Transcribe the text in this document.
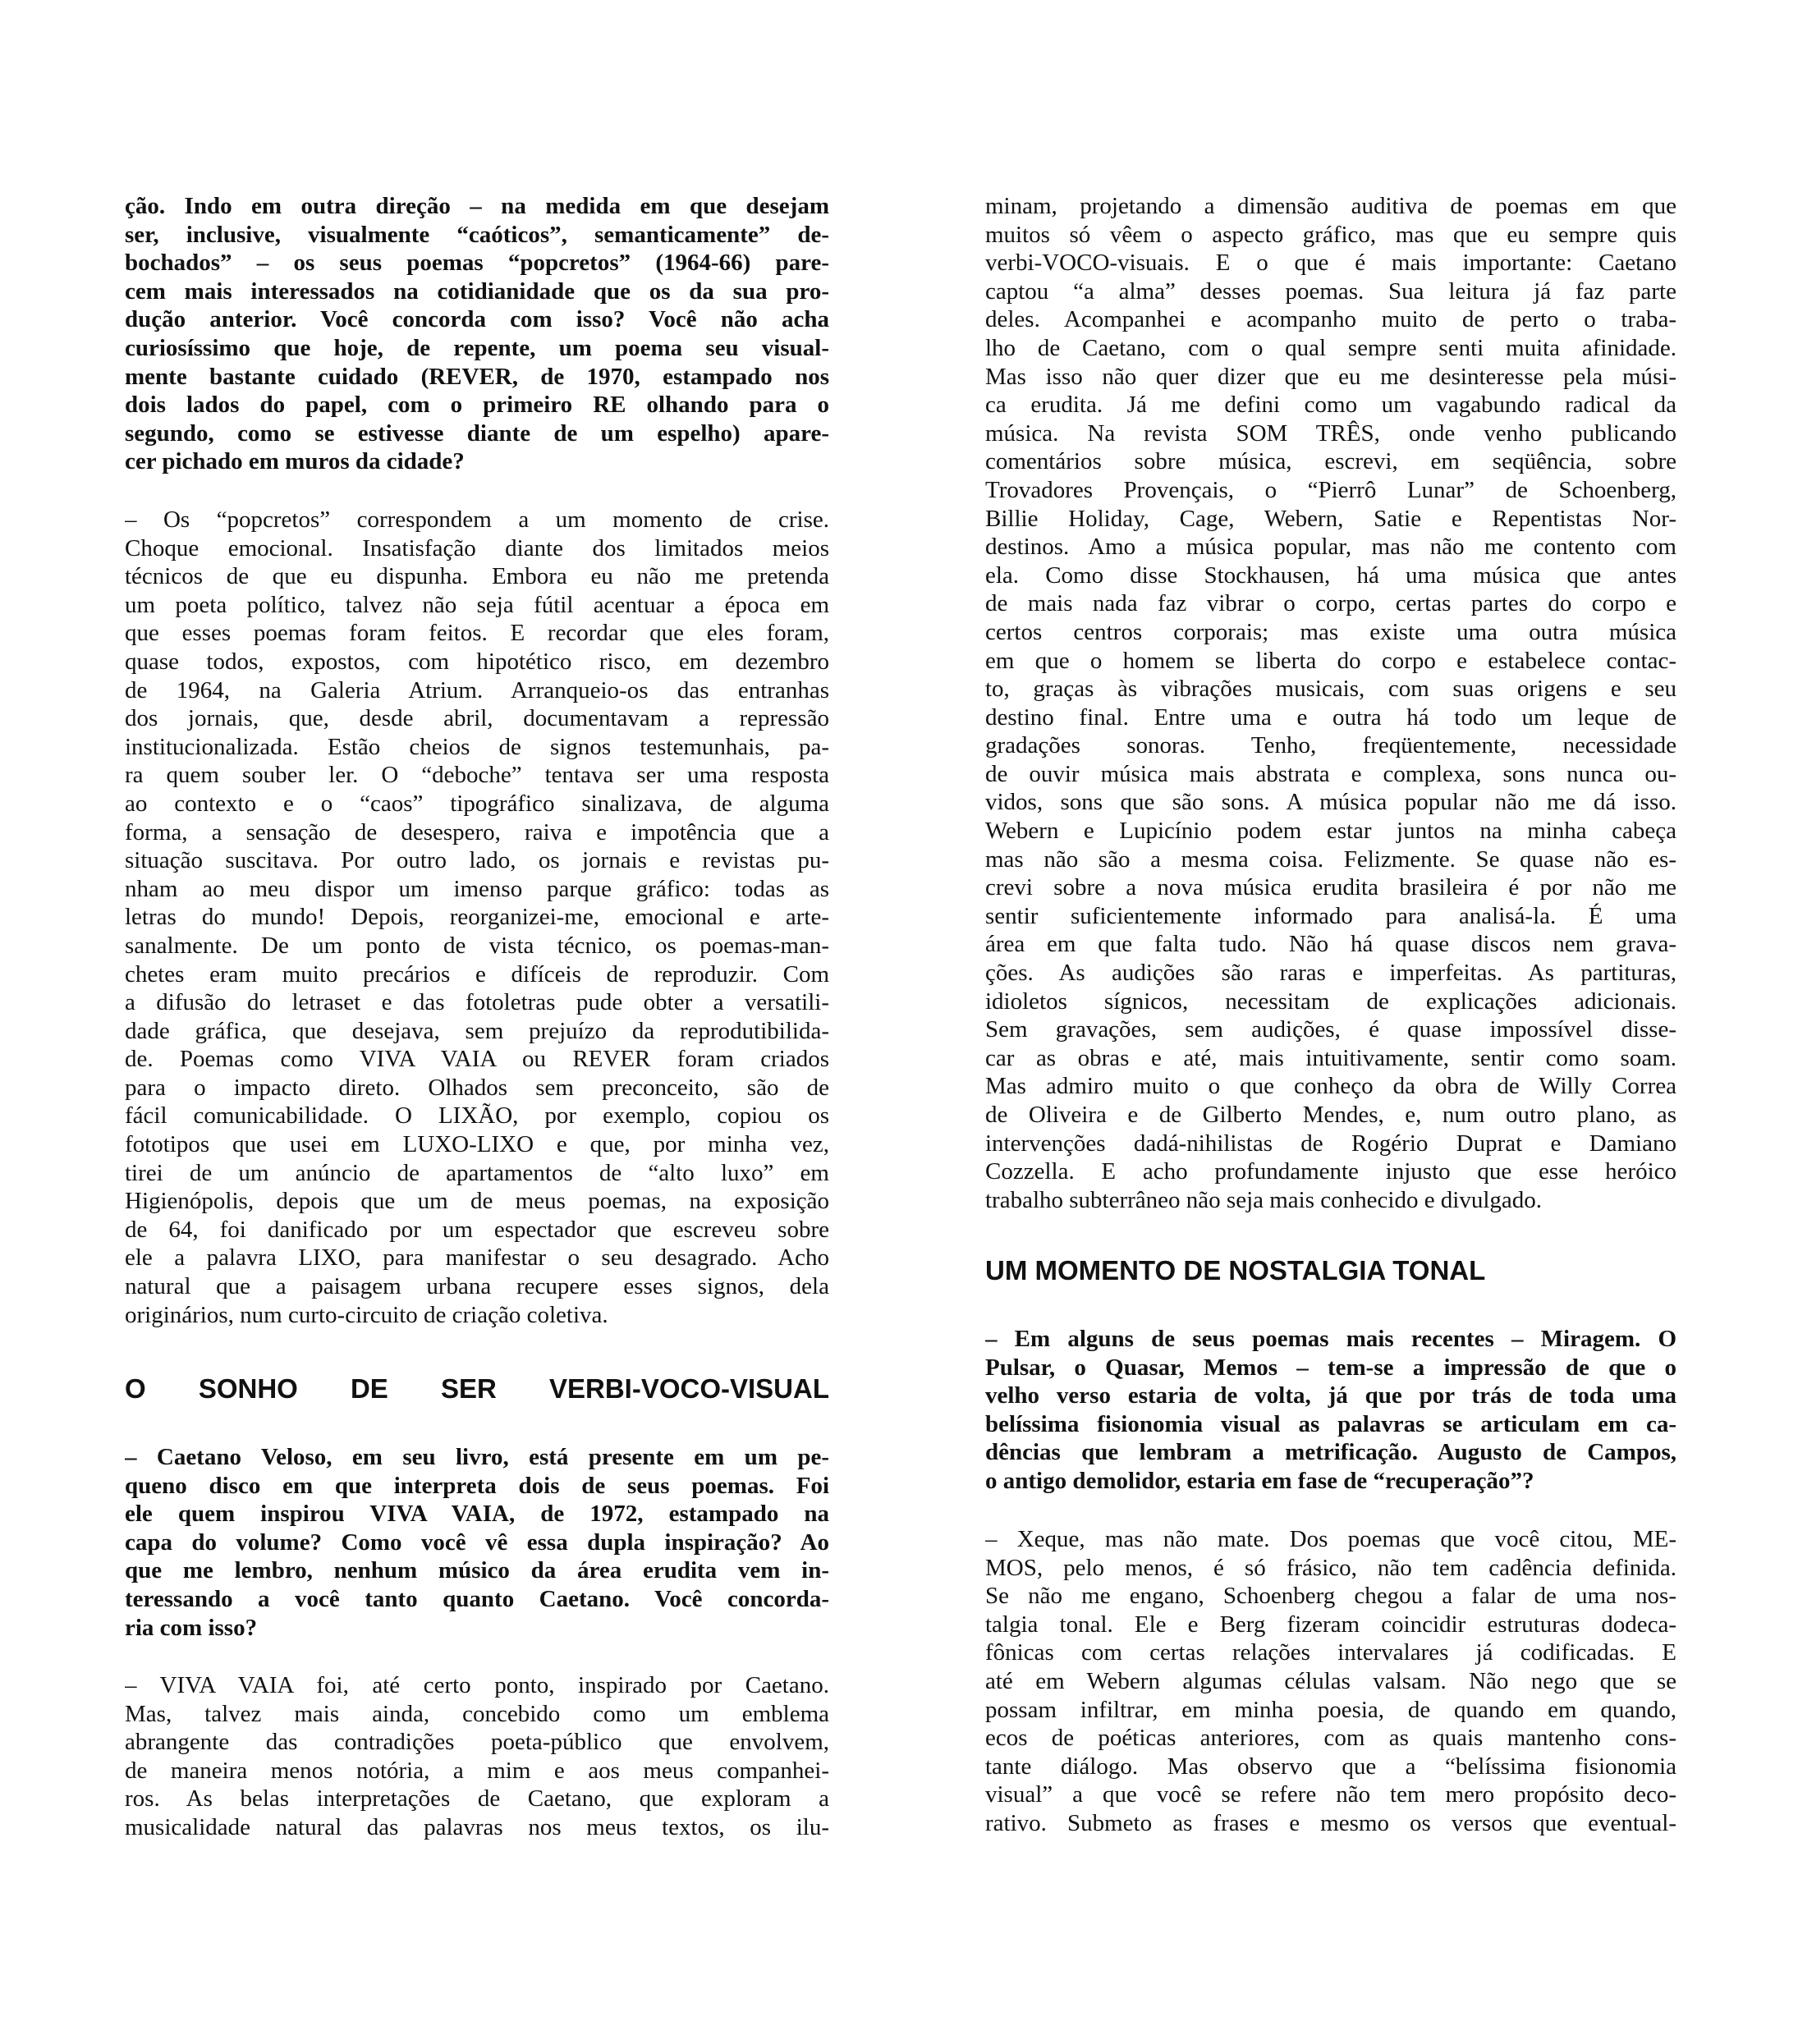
ção. Indo em outra direção – na medida em que desejam
ser, inclusive, visualmente “caóticos”, semanticamente” de-
bochados” – os seus poemas “popcretos” (1964-66) pare-
cem mais interessados na cotidianidade que os da sua pro-
dução anterior. Você concorda com isso? Você não acha
curiosíssimo que hoje, de repente, um poema seu visual-
mente bastante cuidado (REVER, de 1970, estampado nos
dois lados do papel, com o primeiro RE olhando para o
segundo, como se estivesse diante de um espelho) apare-
cer pichado em muros da cidade?
– Os “popcretos” correspondem a um momento de crise.
Choque emocional. Insatisfação diante dos limitados meios
técnicos de que eu dispunha. Embora eu não me pretenda
um poeta político, talvez não seja fútil acentuar a época em
que esses poemas foram feitos. E recordar que eles foram,
quase todos, expostos, com hipotético risco, em dezembro
de 1964, na Galeria Atrium. Arranqueio-os das entranhas
dos jornais, que, desde abril, documentavam a repressão
institucionalizada. Estão cheios de signos testemunhais, pa-
ra quem souber ler. O “deboche” tentava ser uma resposta
ao contexto e o “caos” tipográfico sinalizava, de alguma
forma, a sensação de desespero, raiva e impotência que a
situação suscitava. Por outro lado, os jornais e revistas pu-
nham ao meu dispor um imenso parque gráfico: todas as
letras do mundo! Depois, reorganizei-me, emocional e arte-
sanalmente. De um ponto de vista técnico, os poemas-man-
chetes eram muito precários e difíceis de reproduzir. Com
a difusão do letraset e das fotoletras pude obter a versatili-
dade gráfica, que desejava, sem prejuízo da reprodutibilida-
de. Poemas como VIVA VAIA ou REVER foram criados
para o impacto direto. Olhados sem preconceito, são de
fácil comunicabilidade. O LIXÃO, por exemplo, copiou os
fototipos que usei em LUXO-LIXO e que, por minha vez,
tirei de um anúncio de apartamentos de “alto luxo” em
Higienópolis, depois que um de meus poemas, na exposição
de 64, foi danificado por um espectador que escreveu sobre
ele a palavra LIXO, para manifestar o seu desagrado. Acho
natural que a paisagem urbana recupere esses signos, dela
originários, num curto-circuito de criação coletiva.
O SONHO DE SER VERBI-VOCO-VISUAL
– Caetano Veloso, em seu livro, está presente em um pe-
queno disco em que interpreta dois de seus poemas. Foi
ele quem inspirou VIVA VAIA, de 1972, estampado na
capa do volume? Como você vê essa dupla inspiração? Ao
que me lembro, nenhum músico da área erudita vem in-
teressando a você tanto quanto Caetano. Você concorda-
ria com isso?
– VIVA VAIA foi, até certo ponto, inspirado por Caetano.
Mas, talvez mais ainda, concebido como um emblema
abrangente das contradições poeta-público que envolvem,
de maneira menos notória, a mim e aos meus companhei-
ros. As belas interpretações de Caetano, que exploram a
musicalidade natural das palavras nos meus textos, os ilu-
minam, projetando a dimensão auditiva de poemas em que
muitos só vêem o aspecto gráfico, mas que eu sempre quis
verbi-VOCO-visuais. E o que é mais importante: Caetano
captou “a alma” desses poemas. Sua leitura já faz parte
deles. Acompanhei e acompanho muito de perto o traba-
lho de Caetano, com o qual sempre senti muita afinidade.
Mas isso não quer dizer que eu me desinteresse pela músi-
ca erudita. Já me defini como um vagabundo radical da
música. Na revista SOM TRÊS, onde venho publicando
comentários sobre música, escrevi, em seqüência, sobre
Trovadores Provençais, o “Pierrô Lunar” de Schoenberg,
Billie Holiday, Cage, Webern, Satie e Repentistas Nor-
destinos. Amo a música popular, mas não me contento com
ela. Como disse Stockhausen, há uma música que antes
de mais nada faz vibrar o corpo, certas partes do corpo e
certos centros corporais; mas existe uma outra música
em que o homem se liberta do corpo e estabelece contac-
to, graças às vibrações musicais, com suas origens e seu
destino final. Entre uma e outra há todo um leque de
gradações sonoras. Tenho, freqüentemente, necessidade
de ouvir música mais abstrata e complexa, sons nunca ou-
vidos, sons que são sons. A música popular não me dá isso.
Webern e Lupicínio podem estar juntos na minha cabeça
mas não são a mesma coisa. Felizmente. Se quase não es-
crevi sobre a nova música erudita brasileira é por não me
sentir suficientemente informado para analisá-la. É uma
área em que falta tudo. Não há quase discos nem grava-
ções. As audições são raras e imperfeitas. As partituras,
idioletos sígnicos, necessitam de explicações adicionais.
Sem gravações, sem audições, é quase impossível disse-
car as obras e até, mais intuitivamente, sentir como soam.
Mas admiro muito o que conheço da obra de Willy Correa
de Oliveira e de Gilberto Mendes, e, num outro plano, as
intervenções dadá-nihilistas de Rogério Duprat e Damiano
Cozzella. E acho profundamente injusto que esse heróico
trabalho subterrâneo não seja mais conhecido e divulgado.
UM MOMENTO DE NOSTALGIA TONAL
– Em alguns de seus poemas mais recentes – Miragem. O
Pulsar, o Quasar, Memos – tem-se a impressão de que o
velho verso estaria de volta, já que por trás de toda uma
belíssima fisionomia visual as palavras se articulam em ca-
dências que lembram a metrificação. Augusto de Campos,
o antigo demolidor, estaria em fase de “recuperação”?
– Xeque, mas não mate. Dos poemas que você citou, ME-
MOS, pelo menos, é só frásico, não tem cadência definida.
Se não me engano, Schoenberg chegou a falar de uma nos-
talgia tonal. Ele e Berg fizeram coincidir estruturas dodeca-
fônicas com certas relações intervalares já codificadas. E
até em Webern algumas células valsam. Não nego que se
possam infiltrar, em minha poesia, de quando em quando,
ecos de poéticas anteriores, com as quais mantenho cons-
tante diálogo. Mas observo que a “belíssima fisionomia
visual” a que você se refere não tem mero propósito deco-
rativo. Submeto as frases e mesmo os versos que eventual-
